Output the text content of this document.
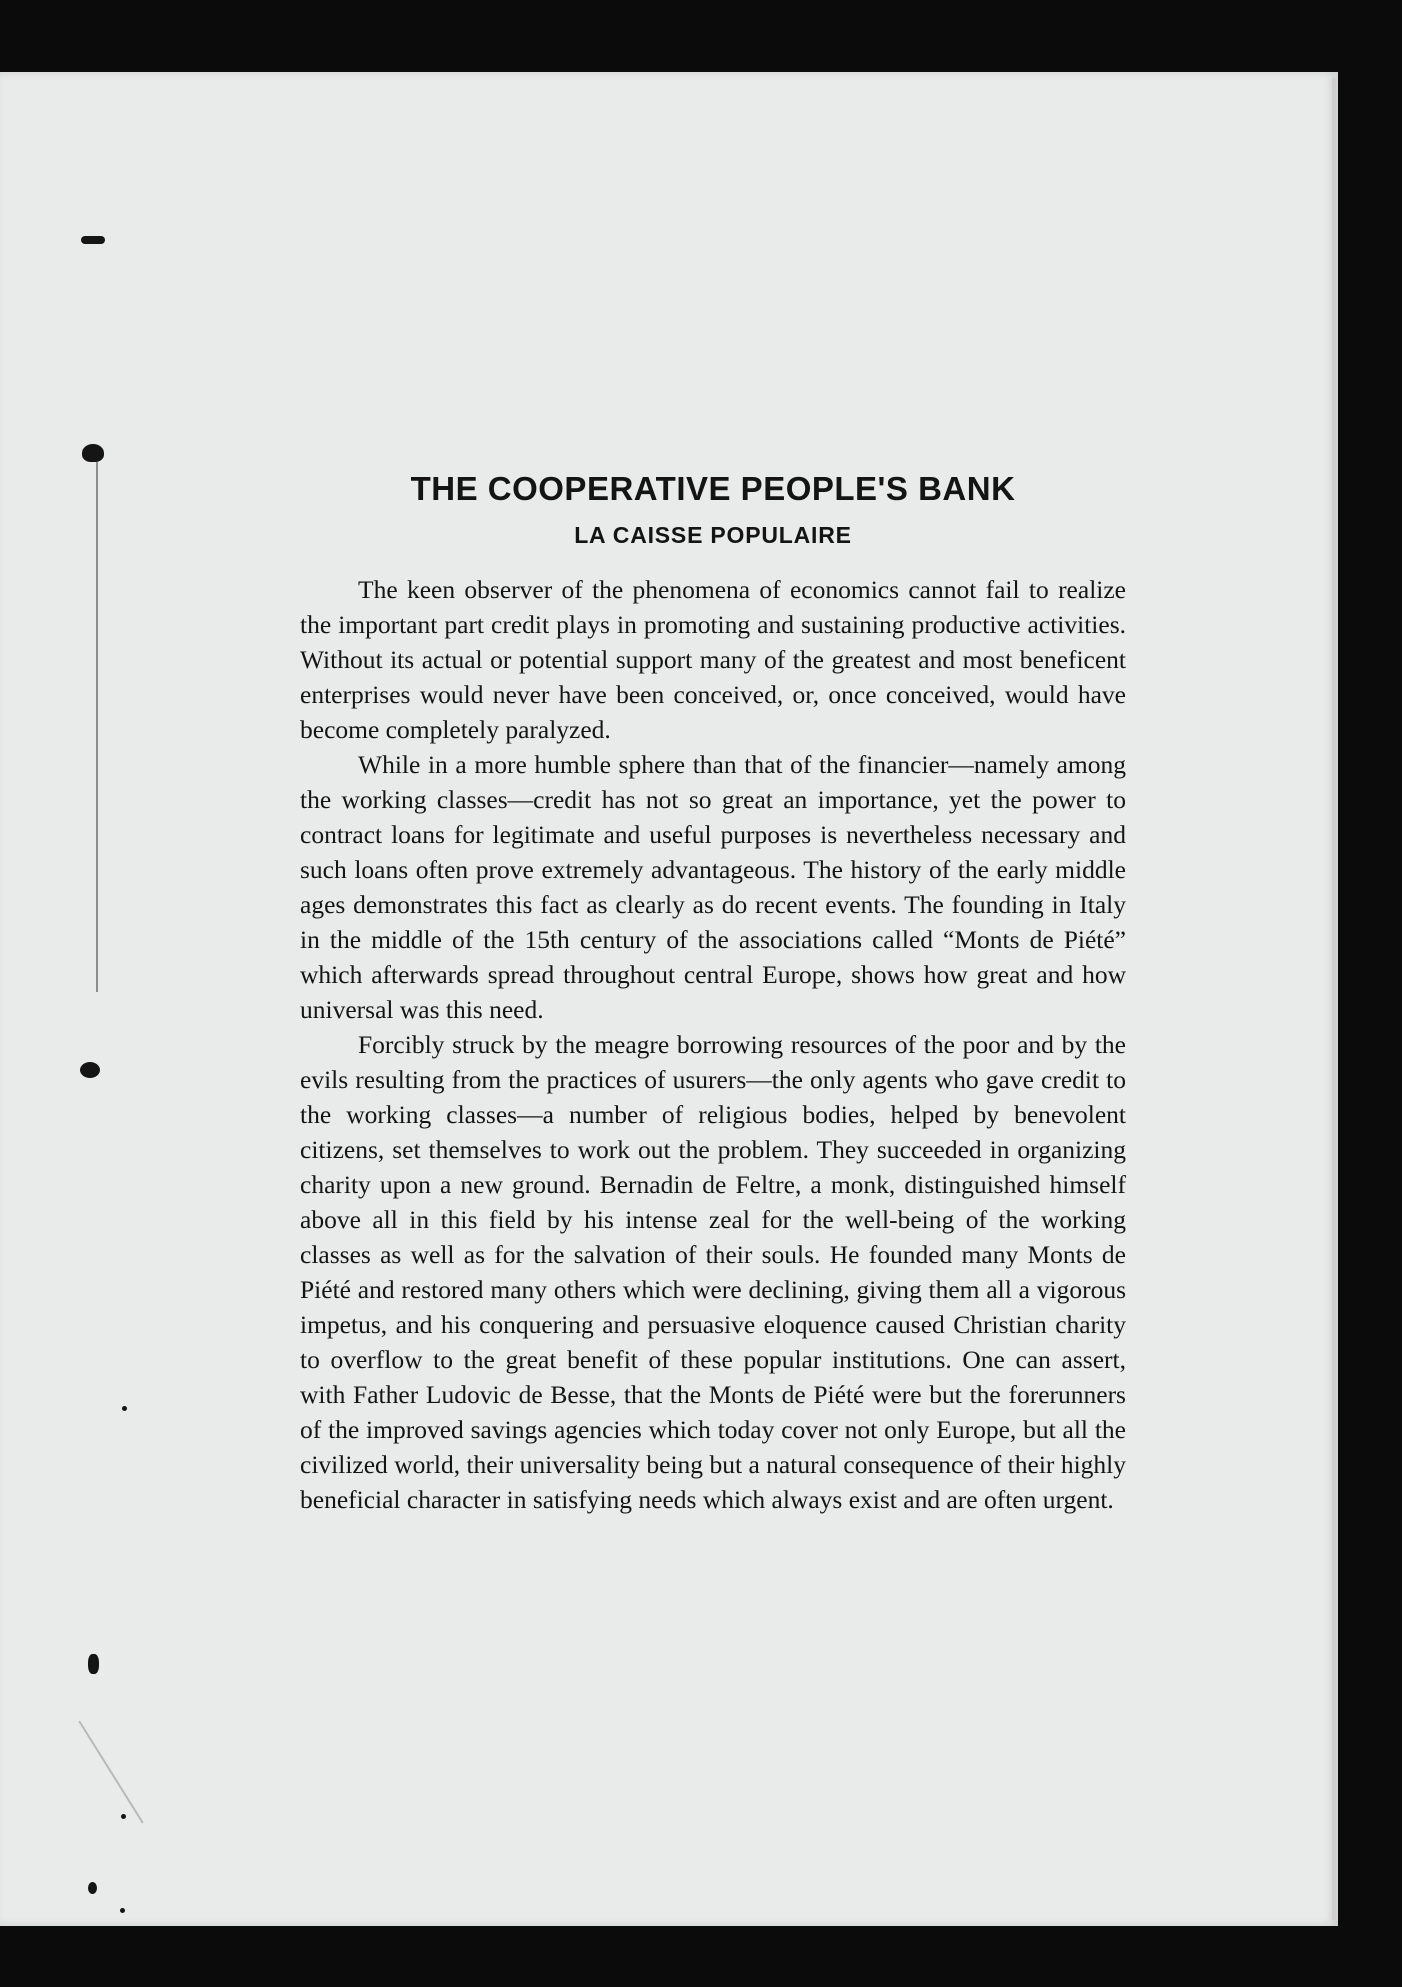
THE COOPERATIVE PEOPLE'S BANK
LA CAISSE POPULAIRE

The keen observer of the phenomena of economics cannot fail to realize the important part credit plays in promoting and sustaining productive activities. Without its actual or potential support many of the greatest and most beneficent enterprises would never have been conceived, or, once conceived, would have become completely paralyzed.

While in a more humble sphere than that of the financier—namely among the working classes—credit has not so great an importance, yet the power to contract loans for legitimate and useful purposes is nevertheless necessary and such loans often prove extremely advantageous. The history of the early middle ages demonstrates this fact as clearly as do recent events. The founding in Italy in the middle of the 15th century of the associations called “Monts de Piété” which afterwards spread throughout central Europe, shows how great and how universal was this need.

Forcibly struck by the meagre borrowing resources of the poor and by the evils resulting from the practices of usurers—the only agents who gave credit to the working classes—a number of religious bodies, helped by benevolent citizens, set themselves to work out the problem. They succeeded in organizing charity upon a new ground. Bernadin de Feltre, a monk, distinguished himself above all in this field by his intense zeal for the well-being of the working classes as well as for the salvation of their souls. He founded many Monts de Piété and restored many others which were declining, giving them all a vigorous impetus, and his conquering and persuasive eloquence caused Christian charity to overflow to the great benefit of these popular institutions. One can assert, with Father Ludovic de Besse, that the Monts de Piété were but the forerunners of the improved savings agencies which today cover not only Europe, but all the civilized world, their universality being but a natural consequence of their highly beneficial character in satisfying needs which always exist and are often urgent.
